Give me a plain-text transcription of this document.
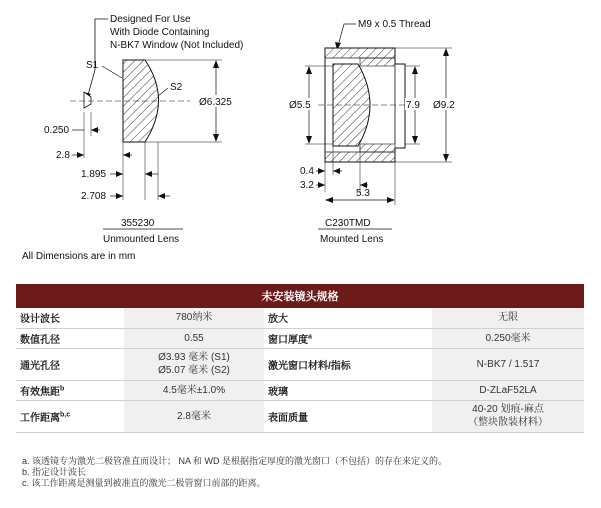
Designed For Use
With Diode Containing
N-BK7 Window (Not Included)
S1
S2
Ø6.325
0.250
2.8
1.895
2.708
355230
Unmounted Lens
M9 x 0.5 Thread
Ø5.5	7.9 Ø9.2
0.4
3.2
5.3
C230TMD
Mounted Lens
All Dimensions are in mm
未安装镜头规格			
设计波长	780纳米	放大	无限
数值孔径	0.55	窗口厚度$^a$	0.250毫米
通光孔径	Ø3.93 毫米 (S1)
Ø5.07 毫米 (S2)	激光窗口材料/指标	N-BK7 / 1.517
有效焦距$^b$	4.5毫米±1.0%	玻璃	D-ZLaF52LA
工作距离$^{b,c}$	2.8毫米	表面质量	40-20 划痕-麻点
（整块散装材料）
a. 该透镜专为激光二极管准直而设计； NA 和 WD 是根据指定厚度的激光窗口（不包括）的存在来定义的。
b. 指定设计波长
c. 该工作距离是测量到被准直的激光二极管窗口前部的距离。
